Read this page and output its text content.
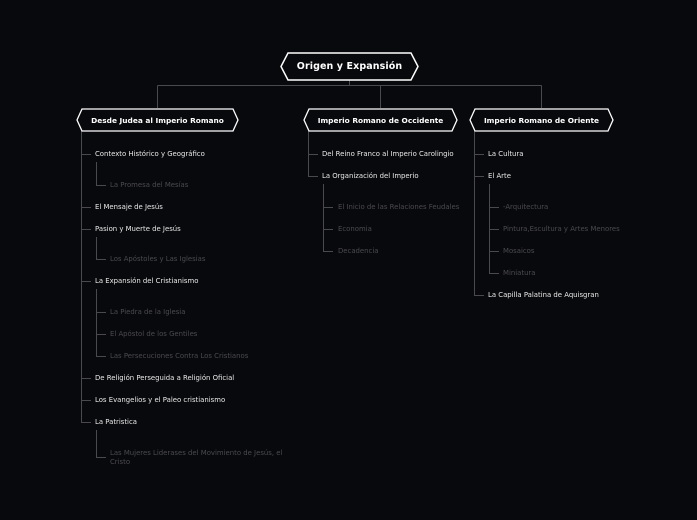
Origen y Expansión
Desde Judea al Imperio Romano	Imperio Romano de Occidente	Imperio Romano de Oriente
Contexto Histórico y Geográfico
La Promesa del Mesías
El Mensaje de Jesús
Pasion y Muerte de Jesús
Los Apóstoles y Las Iglesias
La Expansión del Cristianismo
La Piedra de la Iglesia
El Apóstol de los Gentiles
Las Persecuciones Contra Los Cristianos
De Religión Perseguida a Religión Oficial
Los Evangelios y el Paleo cristianismo
La Patristica
Las Mujeres Lideraseѕ del Movimiento de Jesús, el Cristo
Del Reino Franco al Imperio Carolingio
La Organización del Imperio
El Inicio de las Relaciones Feudales
Economia
Decadencia
La Cultura
El Arte
-Arquitectura
Pintura,Escultura y Artes Menores
Mosaicos
Miniatura
La Capilla Palatina de Aquisgran
